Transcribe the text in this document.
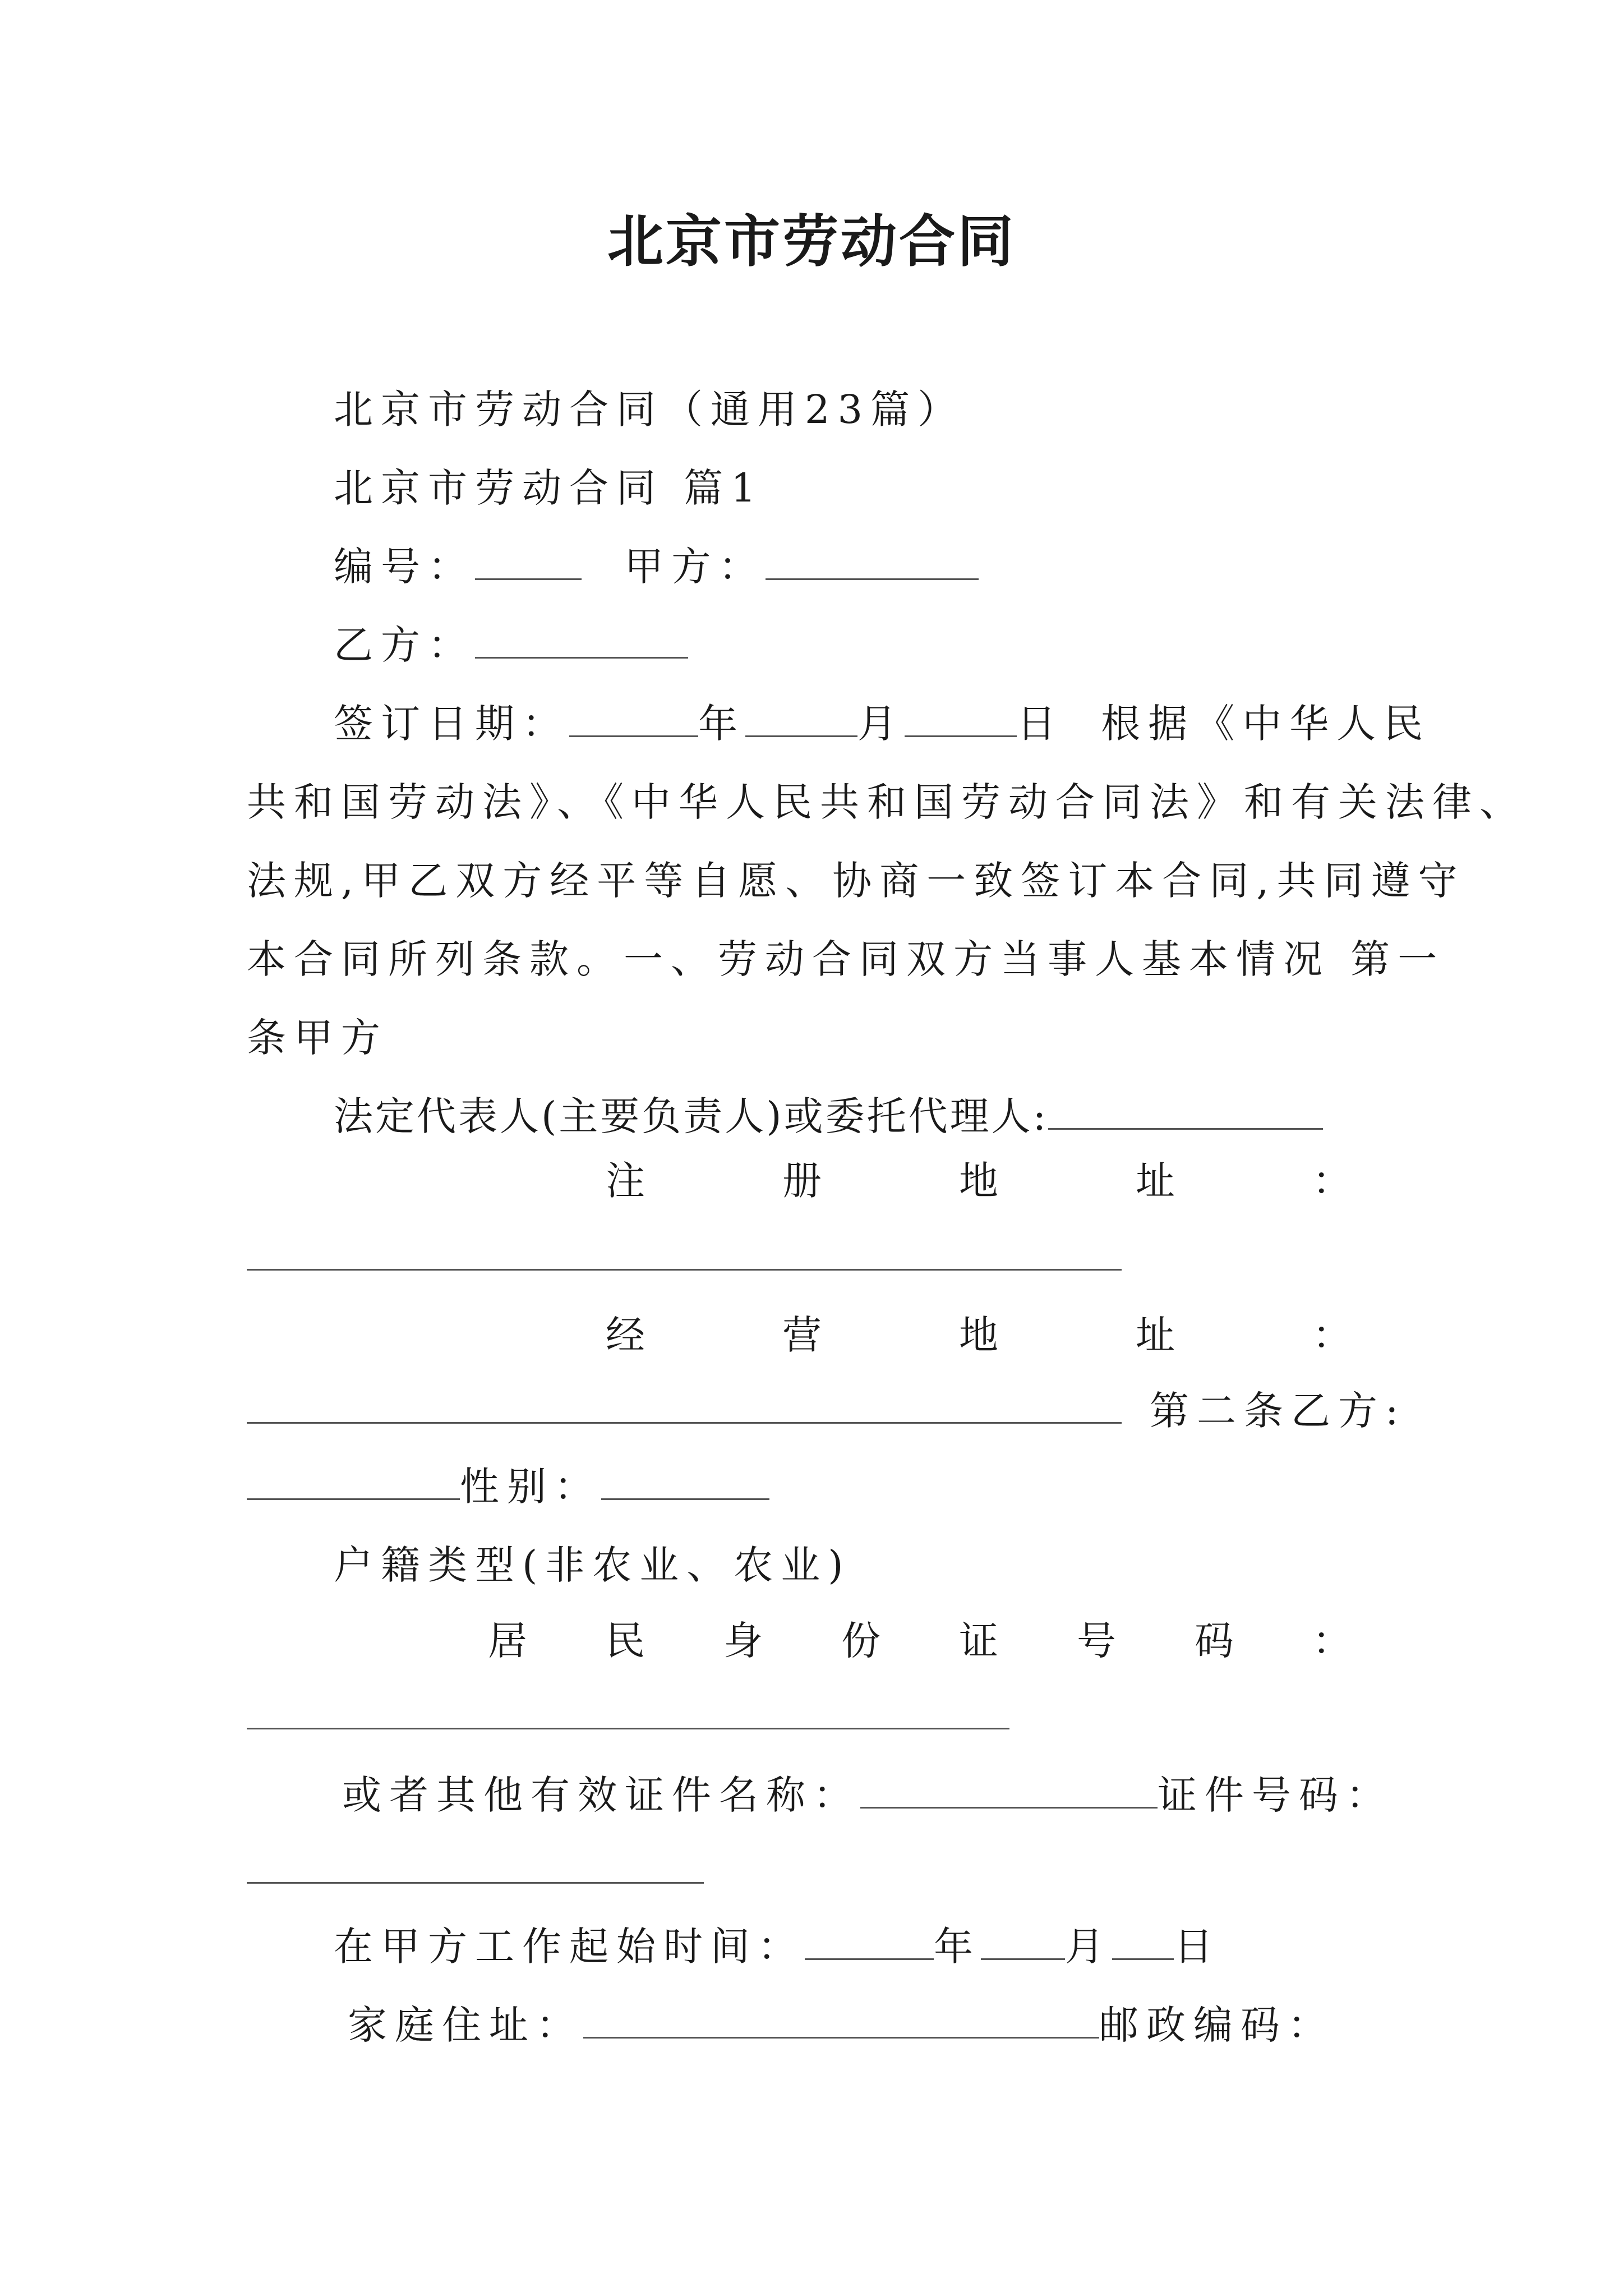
北京市劳动合同
北京市劳动合同（通用23篇）
北京市劳动合同 篇1
编号：	甲方：
乙方：
签订日期：	年	月	日 根据《中华人民
共和国劳动法》、《中华人民共和国劳动合同法》和有关法律、
法规,甲乙双方经平等自愿、协商一致签订本合同,共同遵守
本合同所列条款。一、劳动合同双方当事人基本情况 第一
条甲方
法定代表人(主要负责人)或委托代理人:
注	册	地	址	：
经	营	地	址	：
第二条乙方:
性别：
户籍类型(非农业、农业)
居 民 身 份 证 号 码 ：
或者其他有效证件名称：	证件号码：
在甲方工作起始时间：	年 月 日
家庭住址：	邮政编码：
